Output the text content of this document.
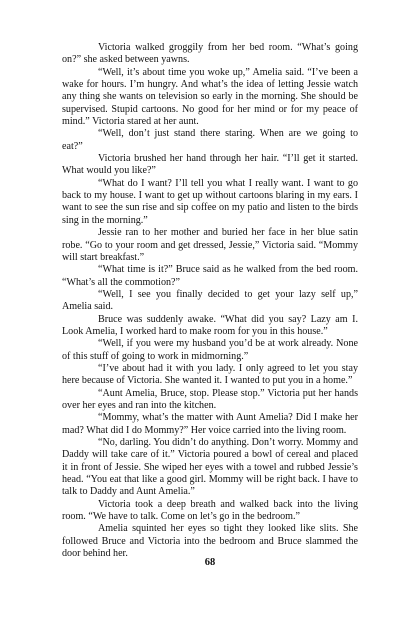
Victoria walked groggily from her bed room. “What’s going on?” she asked between yawns.

“Well, it’s about time you woke up,” Amelia said. “I’ve been a wake for hours. I’m hungry. And what’s the idea of letting Jessie watch any thing she wants on television so early in the morning. She should be supervised. Stupid cartoons. No good for her mind or for my peace of mind.” Victoria stared at her aunt.

“Well, don’t just stand there staring. When are we going to eat?”

Victoria brushed her hand through her hair. “I’ll get it started. What would you like?”

“What do I want? I’ll tell you what I really want. I want to go back to my house. I want to get up without cartoons blaring in my ears. I want to see the sun rise and sip coffee on my patio and listen to the birds sing in the morning.”

Jessie ran to her mother and buried her face in her blue satin robe. “Go to your room and get dressed, Jessie,” Victoria said. “Mommy will start breakfast.”

“What time is it?” Bruce said as he walked from the bed room. “What’s all the commotion?”

“Well, I see you finally decided to get your lazy self up,” Amelia said.

Bruce was suddenly awake. “What did you say? Lazy am I. Look Amelia, I worked hard to make room for you in this house.”

“Well, if you were my husband you’d be at work already. None of this stuff of going to work in midmorning.”

“I’ve about had it with you lady. I only agreed to let you stay here because of Victoria. She wanted it. I wanted to put you in a home.”

“Aunt Amelia, Bruce, stop. Please stop.” Victoria put her hands over her eyes and ran into the kitchen.

“Mommy, what’s the matter with Aunt Amelia? Did I make her mad? What did I do Mommy?” Her voice carried into the living room.

“No, darling. You didn’t do anything. Don’t worry. Mommy and Daddy will take care of it.” Victoria poured a bowl of cereal and placed it in front of Jessie. She wiped her eyes with a towel and rubbed Jessie’s head. “You eat that like a good girl. Mommy will be right back. I have to talk to Daddy and Aunt Amelia.”

Victoria took a deep breath and walked back into the living room. “We have to talk. Come on let’s go in the bedroom.”

Amelia squinted her eyes so tight they looked like slits. She followed Bruce and Victoria into the bedroom and Bruce slammed the door behind her.

68
